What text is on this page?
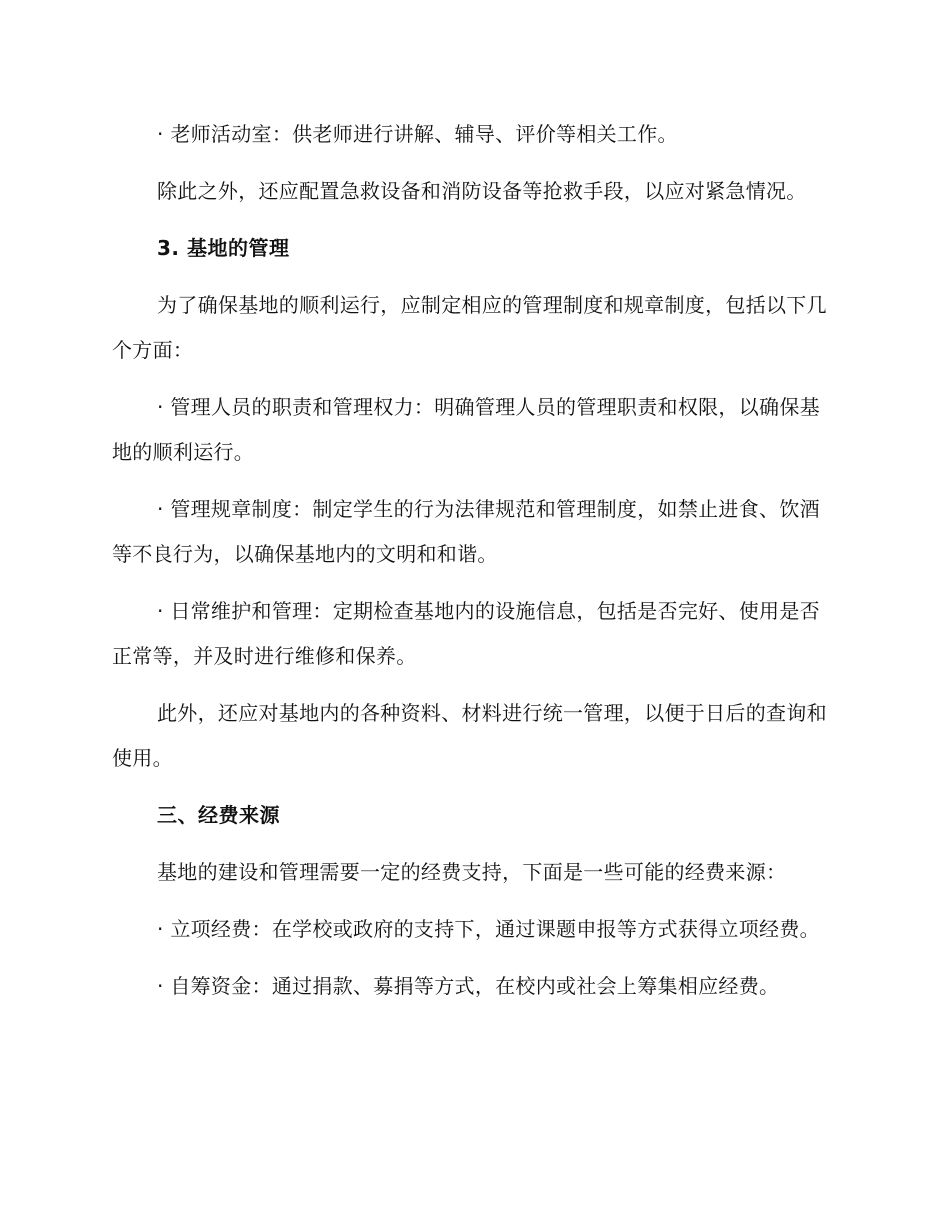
· 老师活动室：供老师进行讲解、辅导、评价等相关工作。

除此之外，还应配置急救设备和消防设备等抢救手段，以应对紧急情况。

3. 基地的管理

为了确保基地的顺利运行，应制定相应的管理制度和规章制度，包括以下几个方面：

· 管理人员的职责和管理权力：明确管理人员的管理职责和权限，以确保基地的顺利运行。

· 管理规章制度：制定学生的行为法律规范和管理制度，如禁止进食、饮酒等不良行为，以确保基地内的文明和和谐。

· 日常维护和管理：定期检查基地内的设施信息，包括是否完好、使用是否正常等，并及时进行维修和保养。

此外，还应对基地内的各种资料、材料进行统一管理，以便于日后的查询和使用。

三、经费来源

基地的建设和管理需要一定的经费支持，下面是一些可能的经费来源：

· 立项经费：在学校或政府的支持下，通过课题申报等方式获得立项经费。

· 自筹资金：通过捐款、募捐等方式，在校内或社会上筹集相应经费。
